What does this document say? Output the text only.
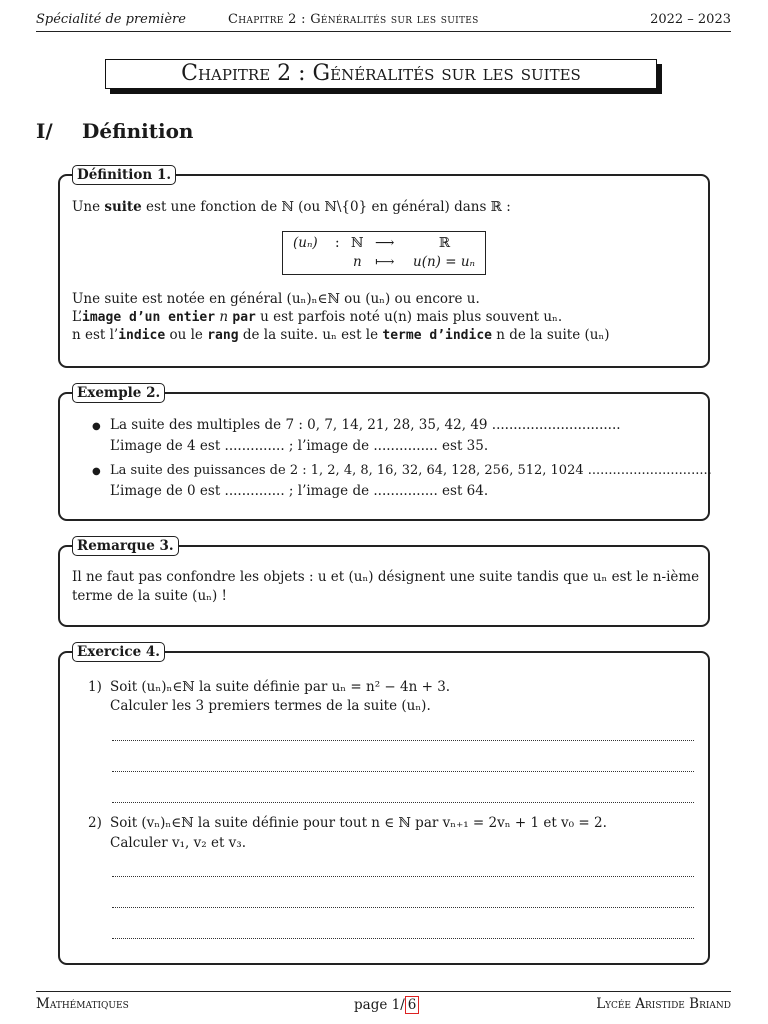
Spécialité de première	Chapitre 2 : Généralités sur les suites	2022 – 2023
Chapitre 2 : Généralités sur les suites
I/ Définition
Définition 1.
Une suite est une fonction de ℕ (ou ℕ\{0} en général) dans ℝ :
(uₙ) : ℕ ⟶	ℝ
n ⟼ u(n) = uₙ
Une suite est notée en général (uₙ)ₙ∈ℕ ou (uₙ) ou encore u.
L’image d’un entier n par u est parfois noté u(n) mais plus souvent uₙ.
n est l’indice ou le rang de la suite. uₙ est le terme d’indice n de la suite (uₙ)
Exemple 2.
● La suite des multiples de 7 : 0, 7, 14, 21, 28, 35, 42, 49 ..............................
L’image de 4 est .............. ; l’image de ............... est 35.
● La suite des puissances de 2 : 1, 2, 4, 8, 16, 32, 64, 128, 256, 512, 1024 ..............................
L’image de 0 est .............. ; l’image de ............... est 64.
Remarque 3.
Il ne faut pas confondre les objets : u et (uₙ) désignent une suite tandis que uₙ est le n-ième
terme de la suite (uₙ) !
Exercice 4.
1) Soit (uₙ)ₙ∈ℕ la suite définie par uₙ = n² − 4n + 3.
Calculer les 3 premiers termes de la suite (uₙ).
2) Soit (vₙ)ₙ∈ℕ la suite définie pour tout n ∈ ℕ par vₙ₊₁ = 2vₙ + 1 et v₀ = 2.
Calculer v₁, v₂ et v₃.
Mathématiques	page 1/ 6	Lycée Aristide Briand
